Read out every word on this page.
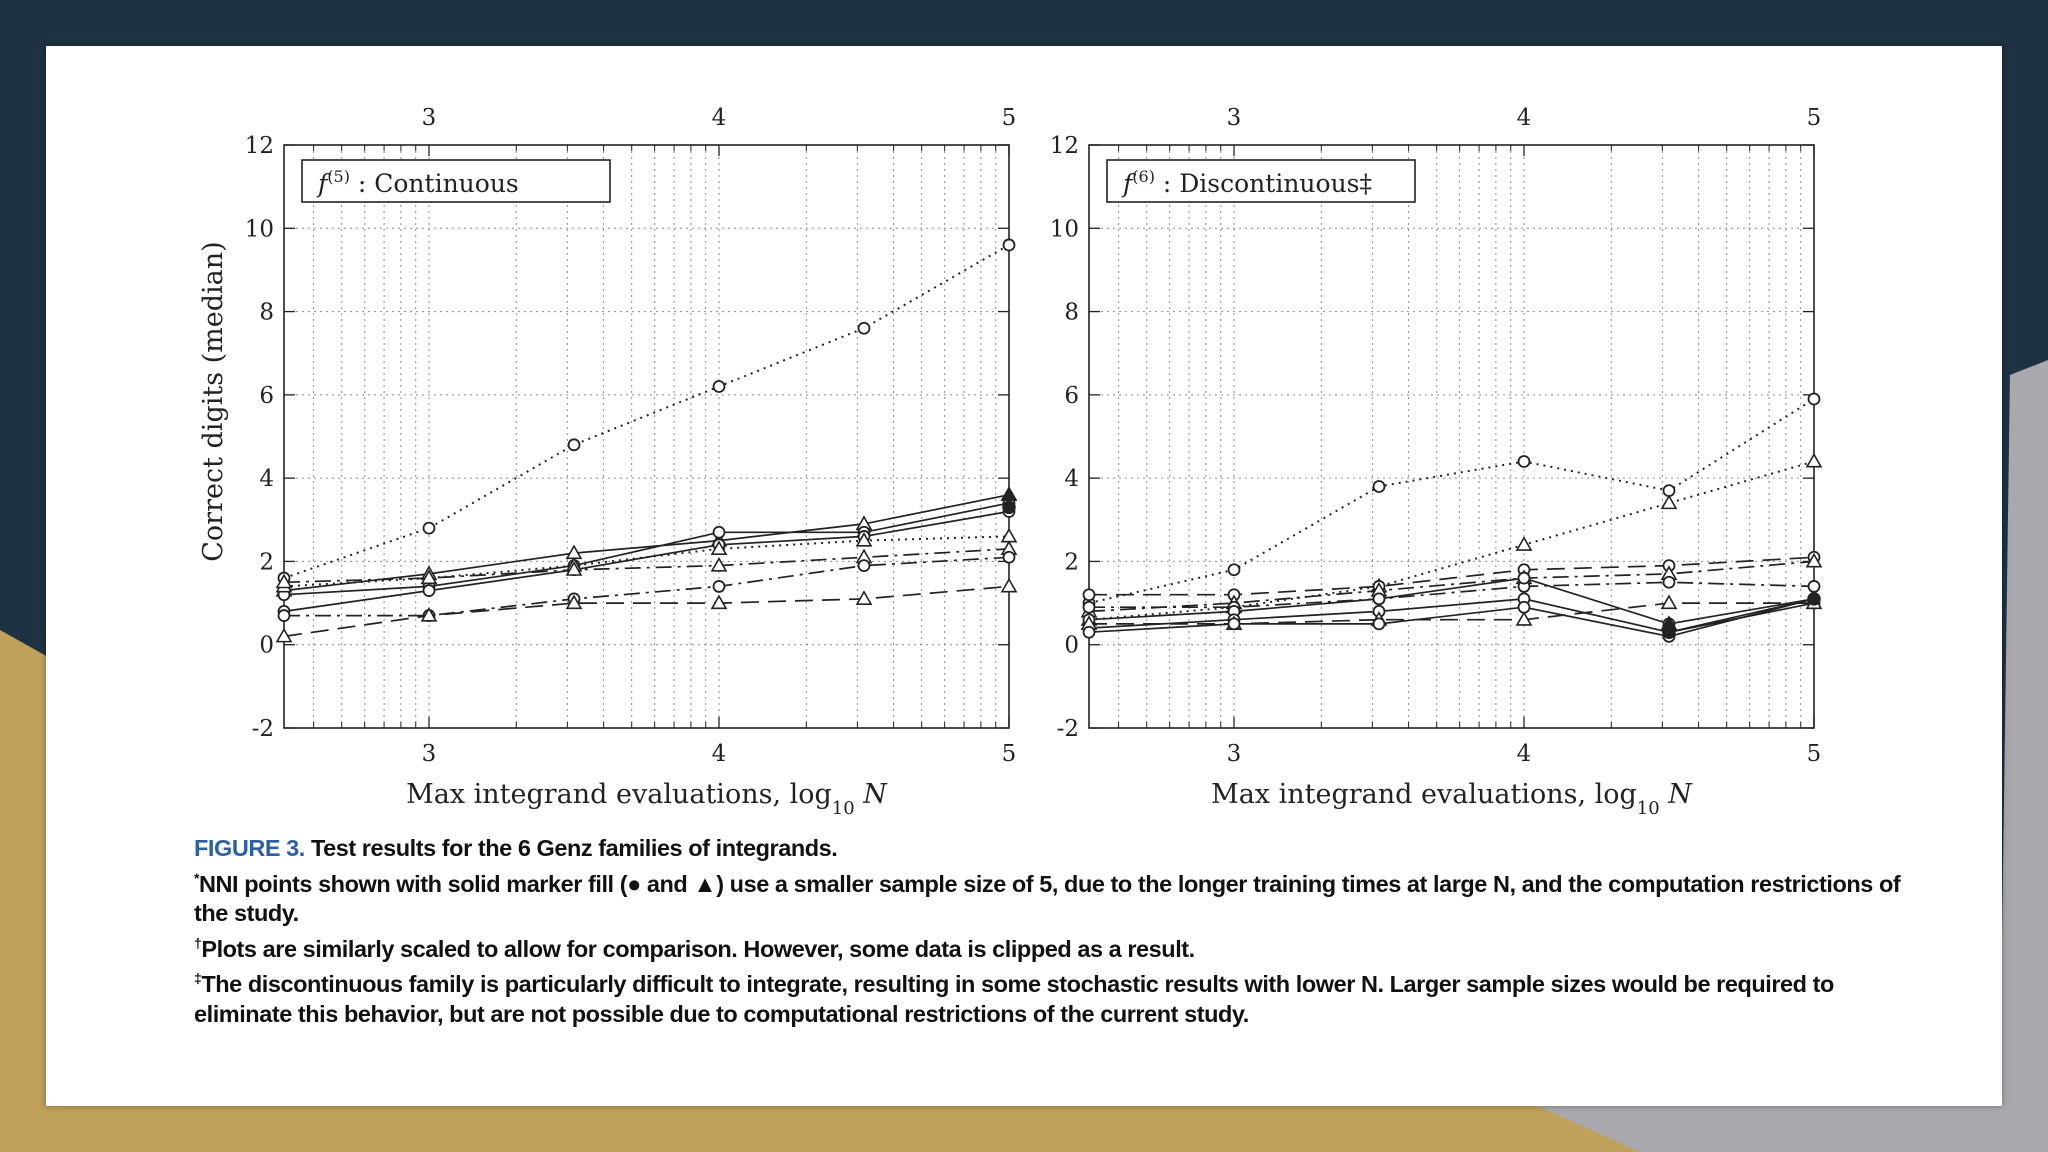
-2
0
2
4
6
8
10
12
3	4	5
3	4	5
Max integrand evaluations, $\log_{10} N$
Correct digits (median)
$f^{(5)}$ : Continuous
-2
0
2
4
6
8
10
12
3	4	5
3	4	5
Max integrand evaluations, $\log_{10} N$
$f^{(6)}$ : Discontinuous‡

FIGURE 3. Test results for the 6 Genz families of integrands.

*NNI points shown with solid marker fill (● and ▲) use a smaller sample size of 5, due to the longer training times at large N, and the computation restrictions of the study.

†Plots are similarly scaled to allow for comparison. However, some data is clipped as a result.

‡The discontinuous family is particularly difficult to integrate, resulting in some stochastic results with lower N. Larger sample sizes would be required to eliminate this behavior, but are not possible due to computational restrictions of the current study.
